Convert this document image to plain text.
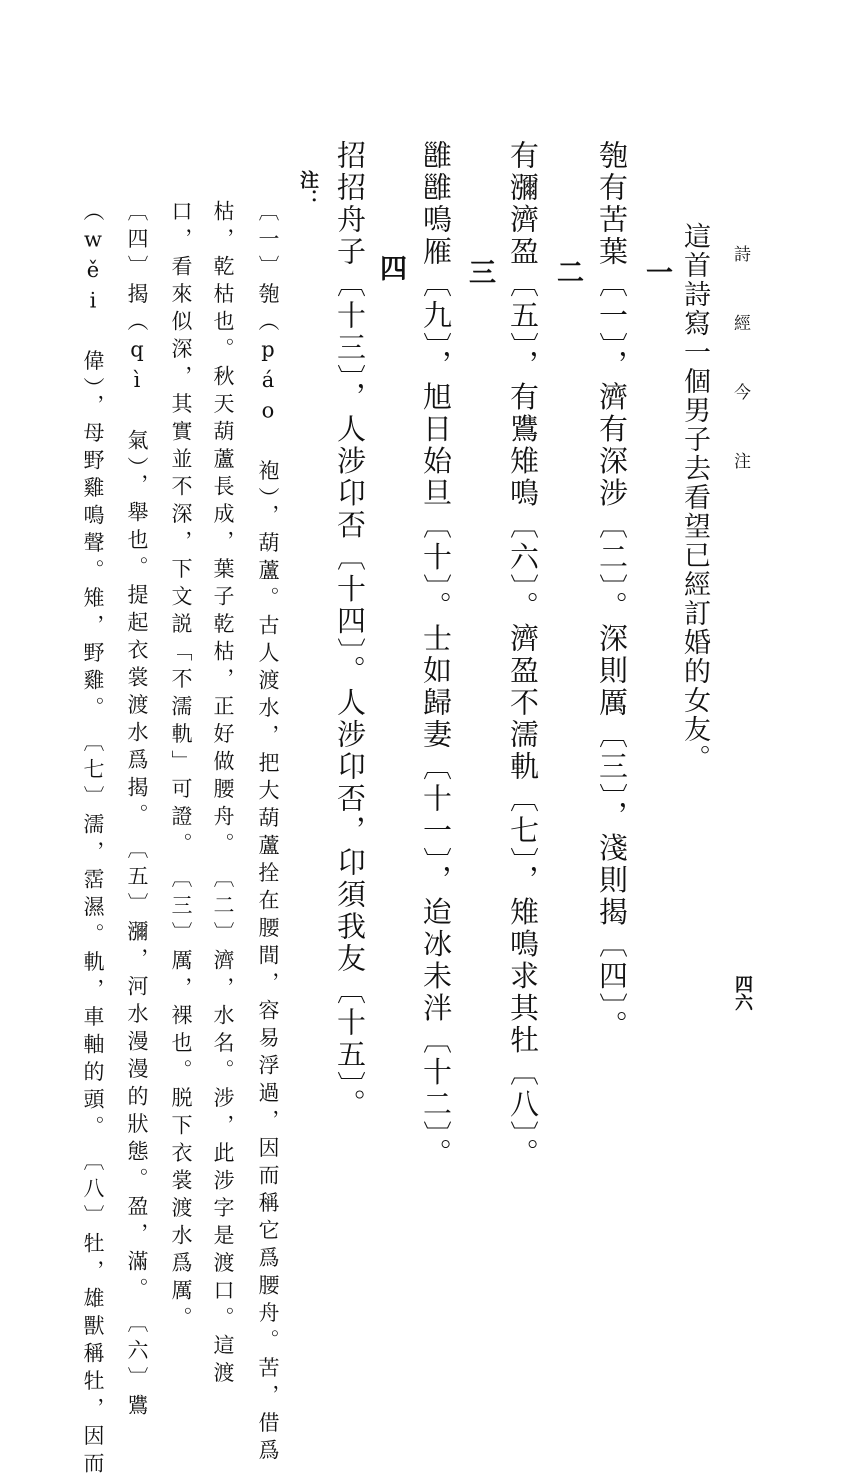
詩 經 今 注
四六
這首詩寫一個男子去看望已經訂婚的女友。
一
匏有苦葉〔一〕，濟有深涉〔二〕。深則厲〔三〕，淺則揭〔四〕。
二
有瀰濟盈〔五〕，有鷕雉鳴〔六〕。濟盈不濡軌〔七〕，雉鳴求其牡〔八〕。
三
雝雝鳴雁〔九〕，旭日始旦〔十〕。士如歸妻〔十一〕，迨冰未泮〔十二〕。
四
招招舟子〔十三〕，人涉卬否〔十四〕。人涉卬否，卬須我友〔十五〕。
注：
〔一〕匏（páo 袍），葫蘆。古人渡水，把大葫蘆拴在腰間，容易浮過，因而稱它爲腰舟。苦，借爲
枯，乾枯也。秋天葫蘆長成，葉子乾枯，正好做腰舟。　〔二〕濟，水名。涉，此涉字是渡口。這渡
口，看來似深，其實並不深，下文説「不濡軌」可證。　〔三〕厲，裸也。脱下衣裳渡水爲厲。
〔四〕揭（qì 氣），舉也。提起衣裳渡水爲揭。　〔五〕瀰，河水漫漫的狀態。盈，滿。　〔六〕鷕
（wěi 偉），母野雞鳴聲。雉，野雞。　〔七〕濡，霑濕。軌，車軸的頭。　〔八〕牡，雄獸稱牡，因而
